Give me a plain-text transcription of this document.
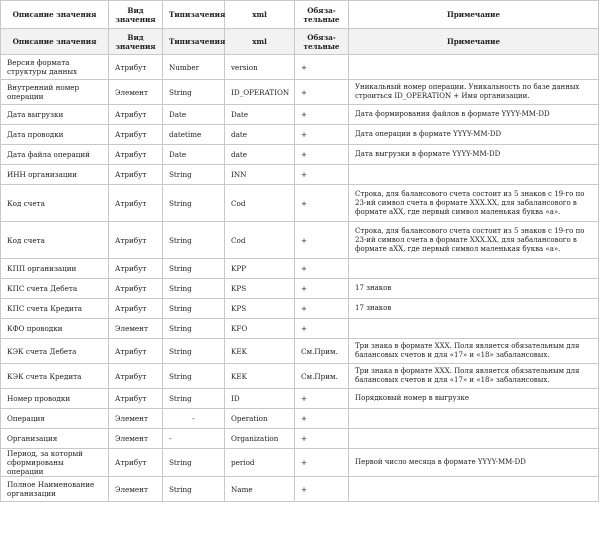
Описание значения	Вид значения	Типизачения	xml	Обяза-тельные	Примечание
Описание значения	Вид значения	Типизачения	xml	Обяза-тельные	Примечание
Версия формата структуры данных	Атрибут	Number	version	+	
Внутренний номер операции	Элемент	String	ID_OPERATION	+	Уникальный номер операции. Уникальность по базе данных строиться ID_OPERATION + Имя организации.
Дата выгрузки	Атрибут	Date	Date	+	Дата формирования файлов в формате YYYY-MM-DD
Дата проводки	Атрибут	datetime	date	+	Дата операции в формате YYYY-MM-DD
Дата файла операций	Атрибут	Date	date	+	Дата выгрузки в формате YYYY-MM-DD
ИНН организации	Атрибут	String	INN	+	
Код счета	Атрибут	String	Cod	+	Строка, для балансового счета состоит из 5 знаков с 19-го по 23-ий символ счета в формате XXX.XX, для забалансового в формате aXX, где первый символ маленькая буква «а».
Код счета	Атрибут	String	Cod	+	Строка, для балансового счета состоит из 5 знаков с 19-го по 23-ий символ счета в формате XXX.XX, для забалансового в формате aXX, где первый символ маленькая буква «а».
КПП организации	Атрибут	String	KPP	+	
КПС счета Дебета	Атрибут	String	KPS	+	17 знаков
КПС счета Кредита	Атрибут	String	KPS	+	17 знаков
КФО проводки	Элемент	String	KFO	+	
КЭК счета Дебета	Атрибут	String	KEK	См.Прим.	Три знака в формате XXX. Поля является обязательным для балансовых счетов и для «17» и «18» забалансовых.
КЭК счета Кредита	Атрибут	String	KEK	См.Прим.	Три знака в формате XXX. Поля является обязательным для балансовых счетов и для «17» и «18» забалансовых.
Номер проводки	Атрибут	String	ID	+	Порядковый номер в выгрузке
Операция	Элемент	-	Operation	+	
Организация	Элемент	-	Organization	+	
Период, за который сформированы операции	Атрибут	String	period	+	Первой число месяца в формате YYYY-MM-DD
Полное Наименование организации	Элемент	String	Name	+	
